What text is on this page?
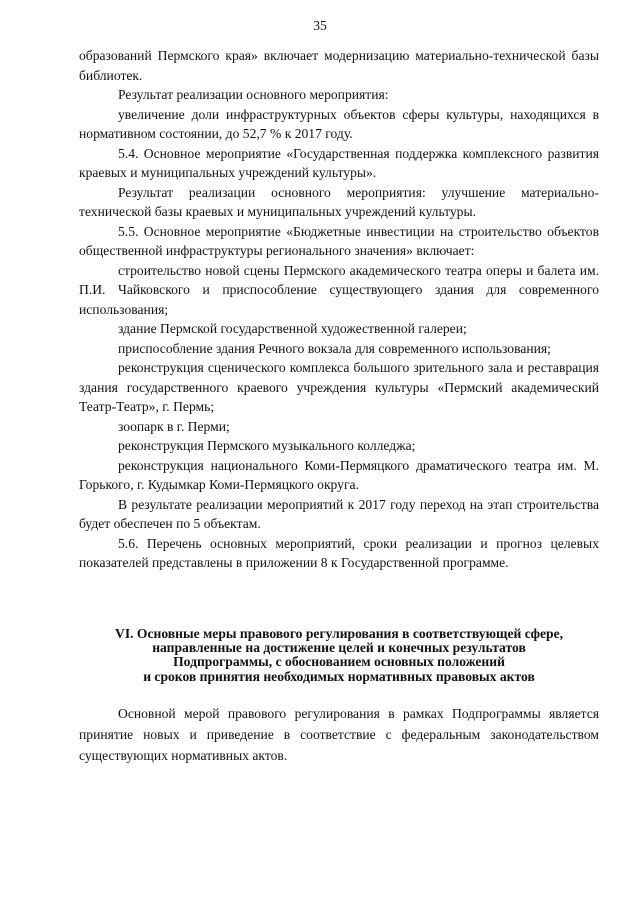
35

образований Пермского края» включает модернизацию материально-технической базы библиотек.

Результат реализации основного мероприятия:

увеличение доли инфраструктурных объектов сферы культуры, находящихся в нормативном состоянии, до 52,7 % к 2017 году.

5.4. Основное мероприятие «Государственная поддержка комплексного развития краевых и муниципальных учреждений культуры».

Результат реализации основного мероприятия: улучшение материально-технической базы краевых и муниципальных учреждений культуры.

5.5. Основное мероприятие «Бюджетные инвестиции на строительство объектов общественной инфраструктуры регионального значения» включает:

строительство новой сцены Пермского академического театра оперы и балета им. П.И. Чайковского и приспособление существующего здания для современного использования;

здание Пермской государственной художественной галереи;

приспособление здания Речного вокзала для современного использования;

реконструкция сценического комплекса большого зрительного зала и реставрация здания государственного краевого учреждения культуры «Пермский академический Театр-Театр», г. Пермь;

зоопарк в г. Перми;

реконструкция Пермского музыкального колледжа;

реконструкция национального Коми-Пермяцкого драматического театра им. М. Горького, г. Кудымкар Коми-Пермяцкого округа.

В результате реализации мероприятий к 2017 году переход на этап строительства будет обеспечен по 5 объектам.

5.6. Перечень основных мероприятий, сроки реализации и прогноз целевых показателей представлены в приложении 8 к Государственной программе.

VI. Основные меры правового регулирования в соответствующей сфере,
направленные на достижение целей и конечных результатов
Подпрограммы, с обоснованием основных положений
и сроков принятия необходимых нормативных правовых актов

Основной мерой правового регулирования в рамках Подпрограммы является принятие новых и приведение в соответствие с федеральным законодательством существующих нормативных актов.
